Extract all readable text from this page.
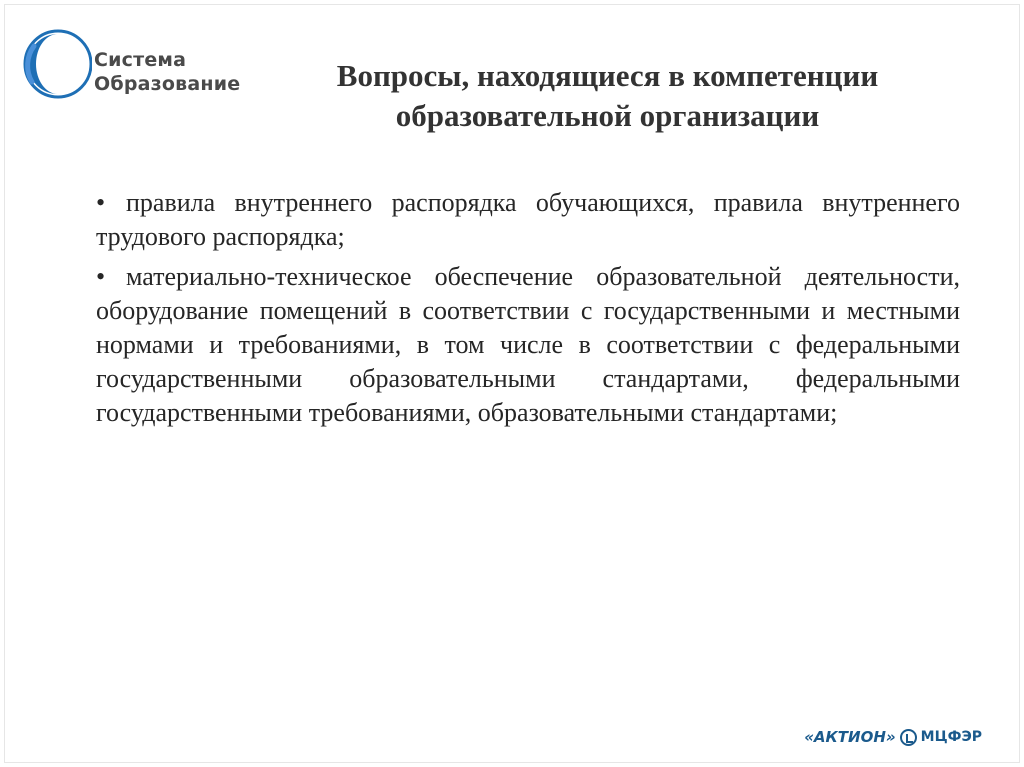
Система
Образование	Вопросы, находящиеся в компетенции
образовательной организации

• правила внутреннего распорядка обучающихся, правила внутреннего трудового распорядка;

• материально-техническое обеспечение образовательной деятельности, оборудование помещений в соответствии с государственными и местными нормами и требованиями, в том числе в соответствии с федеральными государственными образовательными стандартами, федеральными государственными требованиями, образовательными стандартами;

«АКТИОН» МЦФЭР
